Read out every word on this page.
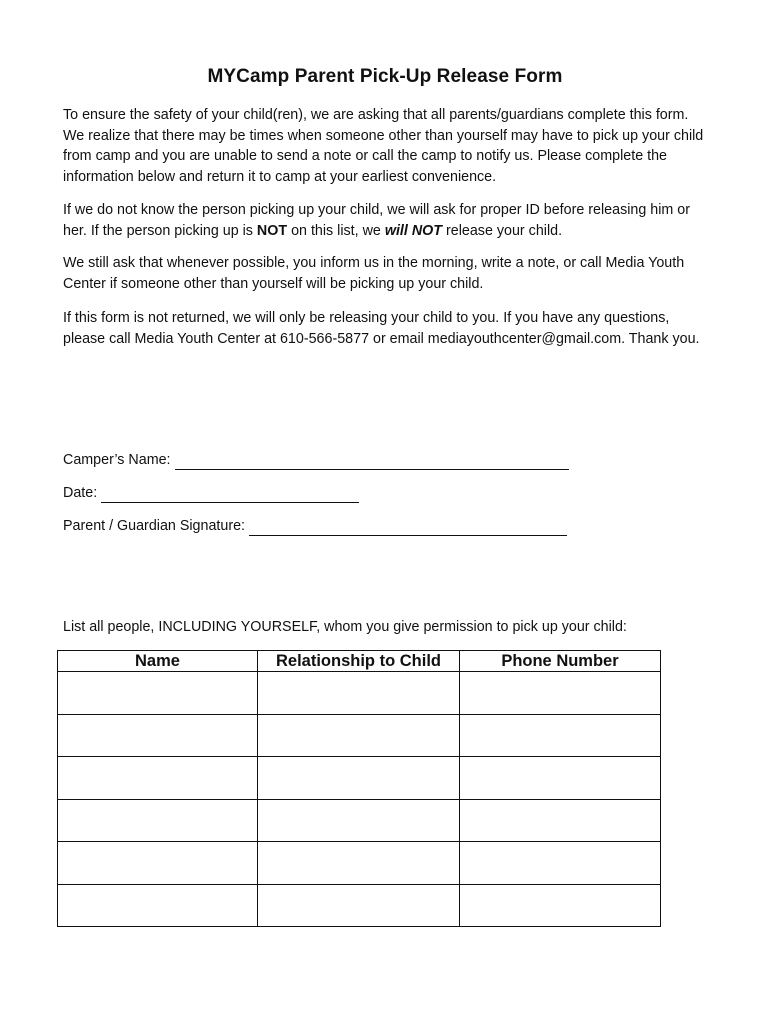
MYCamp Parent Pick-Up Release Form
To ensure the safety of your child(ren), we are asking that all parents/guardians complete this form. We realize that there may be times when someone other than yourself may have to pick up your child from camp and you are unable to send a note or call the camp to notify us. Please complete the information below and return it to camp at your earliest convenience.
If we do not know the person picking up your child, we will ask for proper ID before releasing him or her. If the person picking up is NOT on this list, we will NOT release your child.
We still ask that whenever possible, you inform us in the morning, write a note, or call Media Youth Center if someone other than yourself will be picking up your child.
If this form is not returned, we will only be releasing your child to you. If you have any questions, please call Media Youth Center at 610-566-5877 or email mediayouthcenter@gmail.com. Thank you.
Camper’s Name:
Date:
Parent / Guardian Signature:
List all people, INCLUDING YOURSELF, whom you give permission to pick up your child:
Name	Relationship to Child	Phone Number
